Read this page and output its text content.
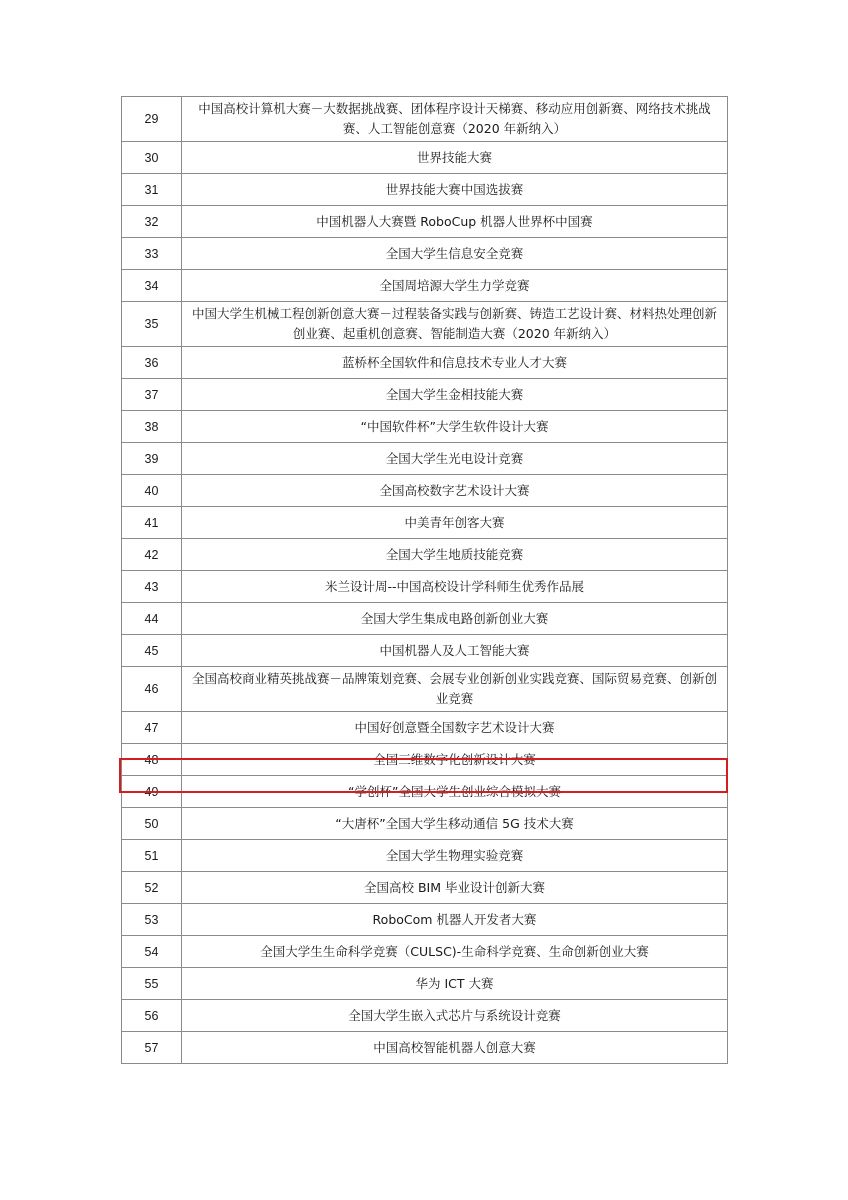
29	中国高校计算机大赛－大数据挑战赛、团体程序设计天梯赛、移动应用创新赛、网络技术挑战赛、人工智能创意赛（2020 年新纳入）
30	世界技能大赛
31	世界技能大赛中国选拔赛
32	中国机器人大赛暨 RoboCup 机器人世界杯中国赛
33	全国大学生信息安全竞赛
34	全国周培源大学生力学竞赛
35	中国大学生机械工程创新创意大赛－过程装备实践与创新赛、铸造工艺设计赛、材料热处理创新创业赛、起重机创意赛、智能制造大赛（2020 年新纳入）
36	蓝桥杯全国软件和信息技术专业人才大赛
37	全国大学生金相技能大赛
38	“中国软件杯”大学生软件设计大赛
39	全国大学生光电设计竞赛
40	全国高校数字艺术设计大赛
41	中美青年创客大赛
42	全国大学生地质技能竞赛
43	米兰设计周--中国高校设计学科师生优秀作品展
44	全国大学生集成电路创新创业大赛
45	中国机器人及人工智能大赛
46	全国高校商业精英挑战赛－品牌策划竞赛、会展专业创新创业实践竞赛、国际贸易竞赛、创新创业竞赛
47	中国好创意暨全国数字艺术设计大赛
48	全国三维数字化创新设计大赛
49	“学创杯”全国大学生创业综合模拟大赛
50	“大唐杯”全国大学生移动通信 5G 技术大赛
51	全国大学生物理实验竞赛
52	全国高校 BIM 毕业设计创新大赛
53	RoboCom 机器人开发者大赛
54	全国大学生生命科学竞赛（CULSC)-生命科学竞赛、生命创新创业大赛
55	华为 ICT 大赛
56	全国大学生嵌入式芯片与系统设计竞赛
57	中国高校智能机器人创意大赛
